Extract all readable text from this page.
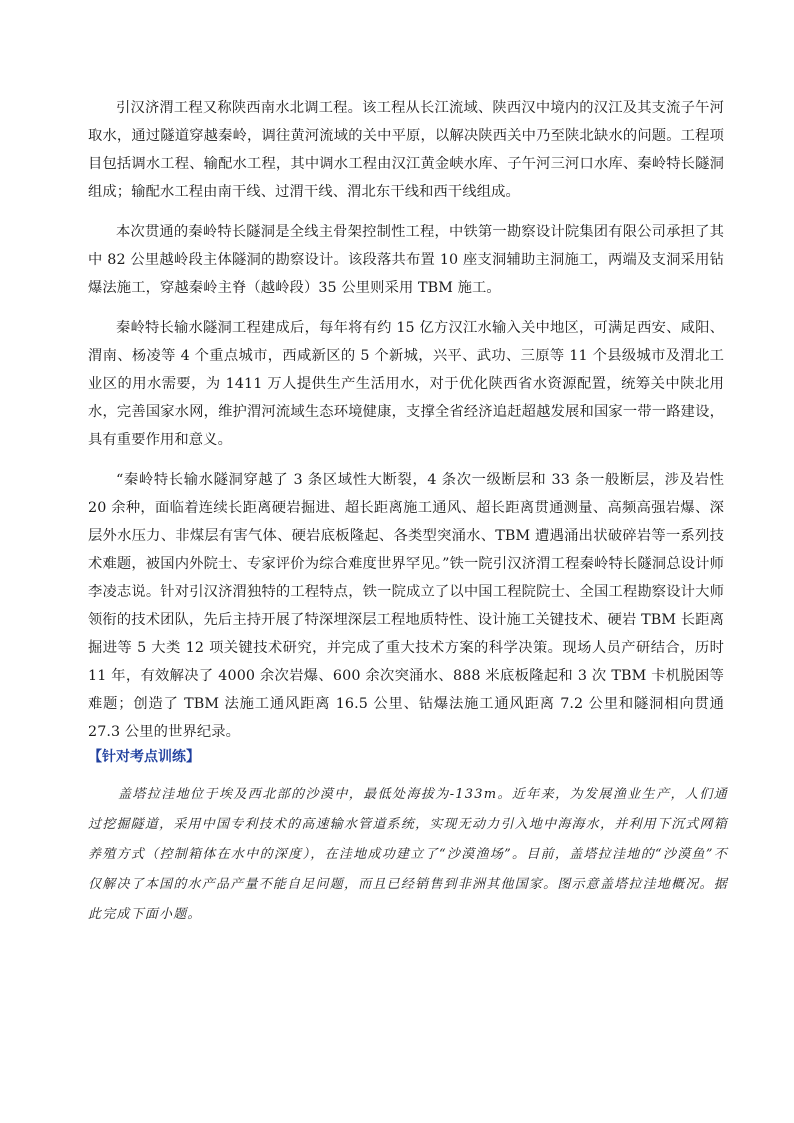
引汉济渭工程又称陕西南水北调工程。该工程从长江流域、陕西汉中境内的汉江及其支流子午河取水，通过隧道穿越秦岭，调往黄河流域的关中平原，以解决陕西关中乃至陕北缺水的问题。工程项目包括调水工程、输配水工程，其中调水工程由汉江黄金峡水库、子午河三河口水库、秦岭特长隧洞组成；输配水工程由南干线、过渭干线、渭北东干线和西干线组成。

本次贯通的秦岭特长隧洞是全线主骨架控制性工程，中铁第一勘察设计院集团有限公司承担了其中 82 公里越岭段主体隧洞的勘察设计。该段落共布置 10 座支洞辅助主洞施工，两端及支洞采用钻爆法施工，穿越秦岭主脊（越岭段）35 公里则采用 TBM 施工。

秦岭特长输水隧洞工程建成后，每年将有约 15 亿方汉江水输入关中地区，可满足西安、咸阳、渭南、杨凌等 4 个重点城市，西咸新区的 5 个新城，兴平、武功、三原等 11 个县级城市及渭北工业区的用水需要，为 1411 万人提供生产生活用水，对于优化陕西省水资源配置，统筹关中陕北用水，完善国家水网，维护渭河流域生态环境健康，支撑全省经济追赶超越发展和国家一带一路建设，具有重要作用和意义。

“秦岭特长输水隧洞穿越了 3 条区域性大断裂，4 条次一级断层和 33 条一般断层，涉及岩性 20 余种，面临着连续长距离硬岩掘进、超长距离施工通风、超长距离贯通测量、高频高强岩爆、深层外水压力、非煤层有害气体、硬岩底板隆起、各类型突涌水、TBM 遭遇涌出状破碎岩等一系列技术难题，被国内外院士、专家评价为综合难度世界罕见。”铁一院引汉济渭工程秦岭特长隧洞总设计师李凌志说。针对引汉济渭独特的工程特点，铁一院成立了以中国工程院院士、全国工程勘察设计大师领衔的技术团队，先后主持开展了特深埋深层工程地质特性、设计施工关键技术、硬岩 TBM 长距离掘进等 5 大类 12 项关键技术研究，并完成了重大技术方案的科学决策。现场人员产研结合，历时 11 年，有效解决了 4000 余次岩爆、600 余次突涌水、888 米底板隆起和 3 次 TBM 卡机脱困等难题；创造了 TBM 法施工通风距离 16.5 公里、钻爆法施工通风距离 7.2 公里和隧洞相向贯通 27.3 公里的世界纪录。

【针对考点训练】

盖塔拉洼地位于埃及西北部的沙漠中，最低处海拔为-133m。近年来，为发展渔业生产，人们通过挖掘隧道，采用中国专利技术的高速输水管道系统，实现无动力引入地中海海水，并利用下沉式网箱养殖方式（控制箱体在水中的深度），在洼地成功建立了“沙漠渔场”。目前，盖塔拉洼地的“沙漠鱼”不仅解决了本国的水产品产量不能自足问题，而且已经销售到非洲其他国家。图示意盖塔拉洼地概况。据此完成下面小题。
